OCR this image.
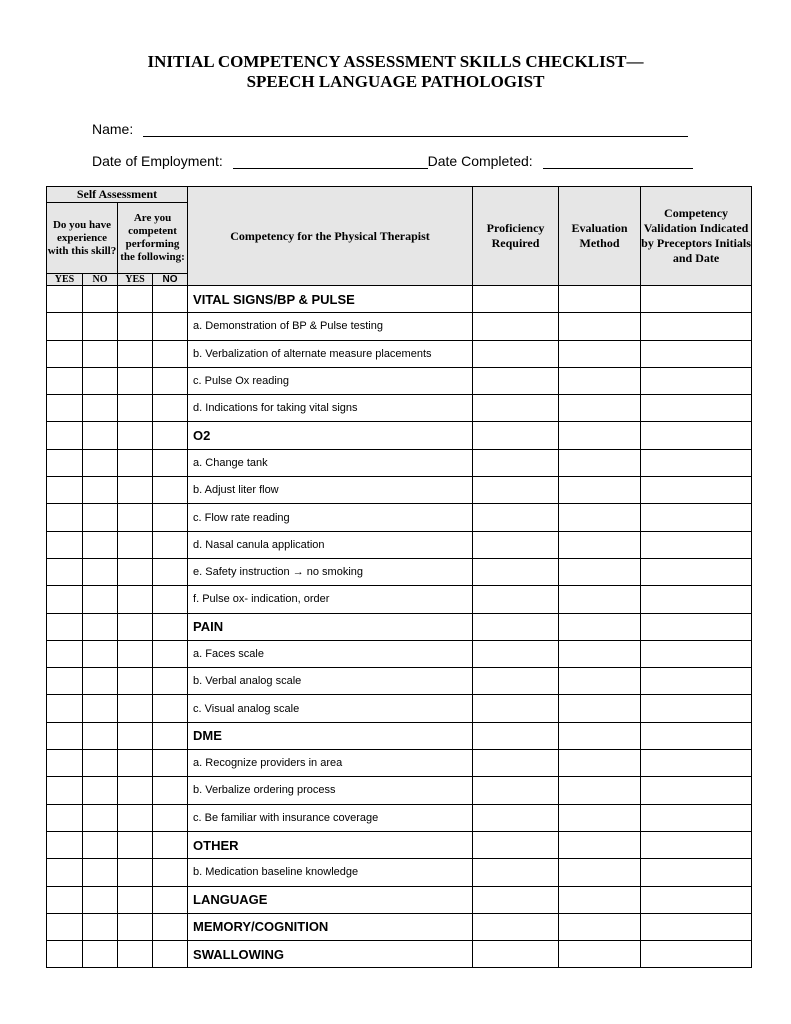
INITIAL COMPETENCY ASSESSMENT SKILLS CHECKLIST—
SPEECH LANGUAGE PATHOLOGIST
Name:
Date of Employment:	Date Completed:
Self Assessment				Competency for the Physical Therapist	Proficiency Required	Evaluation Method	Competency Validation Indicated by Preceptors Initials and Date
Do you have experience with this skill?		Are you competent performing the following:					
YES	NO	YES	NO				
				VITAL SIGNS/BP & PULSE			
				a. Demonstration of BP & Pulse testing			
				b. Verbalization of alternate measure placements			
				c. Pulse Ox reading			
				d. Indications for taking vital signs			
				O2			
				a. Change tank			
				b. Adjust liter flow			
				c. Flow rate reading			
				d. Nasal canula application			
				e. Safety instruction → no smoking			
				f. Pulse ox- indication, order			
				PAIN			
				a. Faces scale			
				b. Verbal analog scale			
				c. Visual analog scale			
				DME			
				a. Recognize providers in area			
				b. Verbalize ordering process			
				c. Be familiar with insurance coverage			
				OTHER			
				b. Medication baseline knowledge			
				LANGUAGE			
				MEMORY/COGNITION			
				SWALLOWING			
